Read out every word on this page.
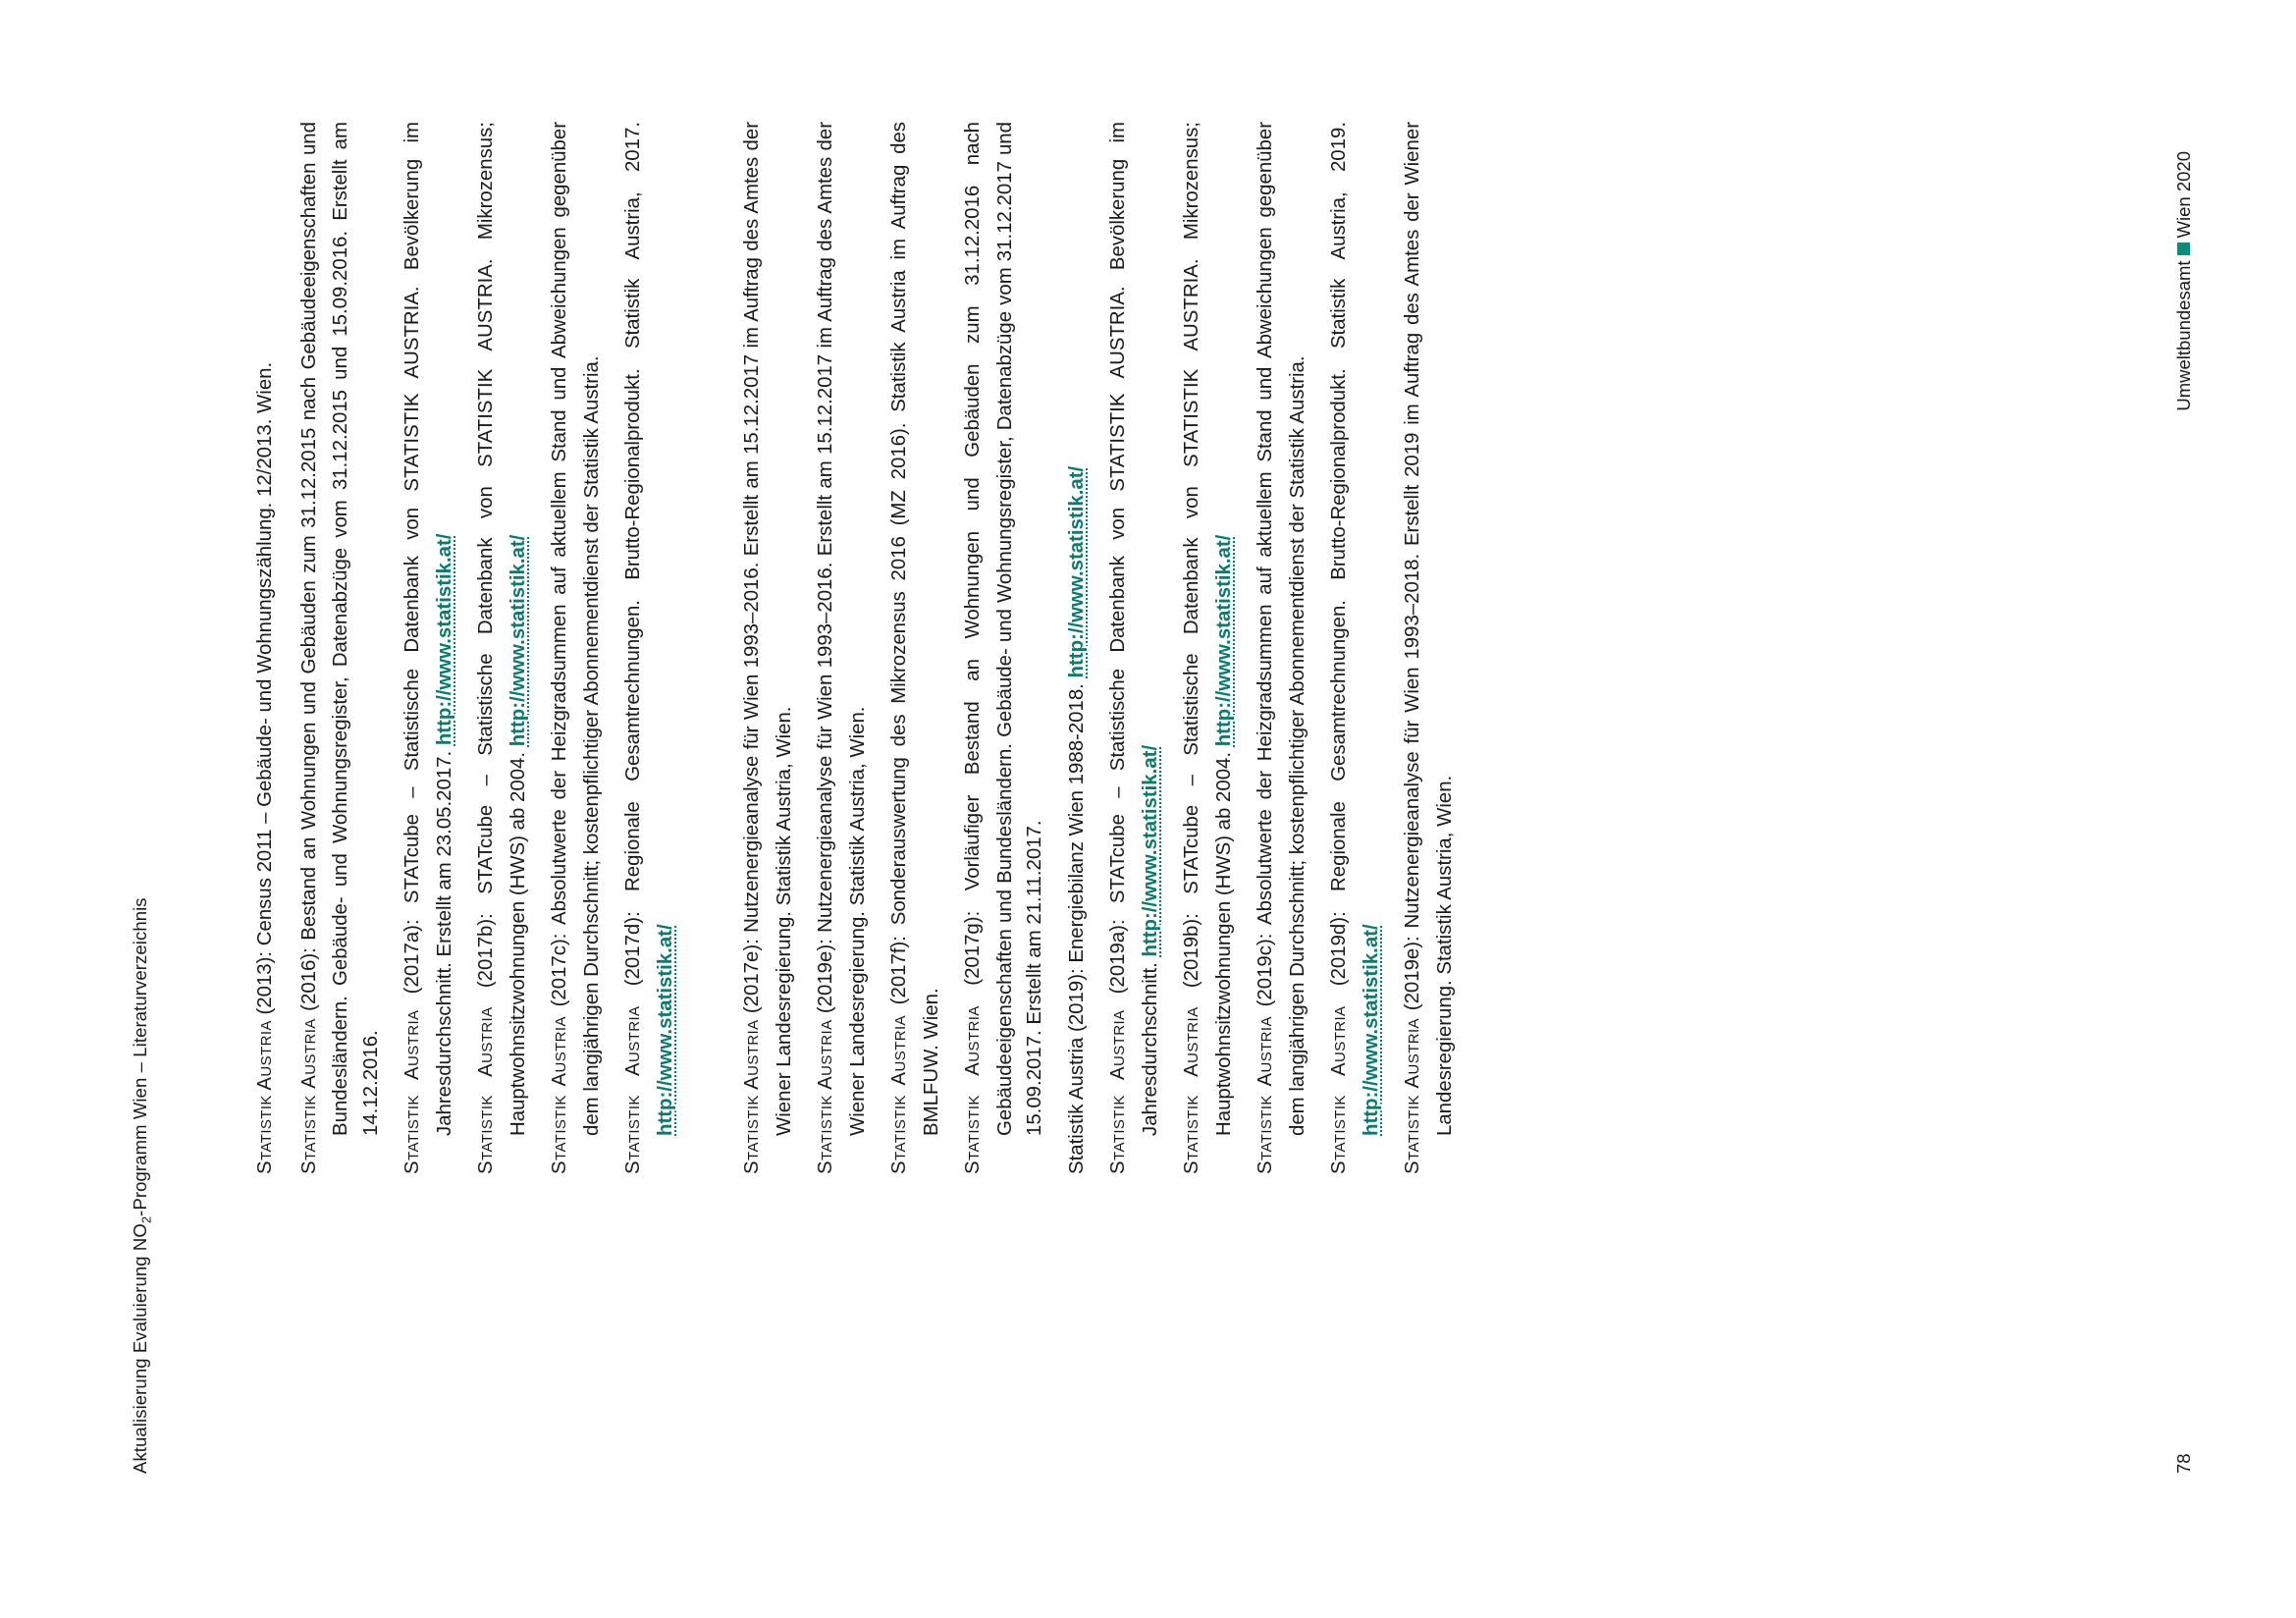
Aktualisierung Evaluierung $NO_2$-Programm Wien – Literaturverzeichnis	STATISTIK AUSTRIA (2013): Census 2011 – Gebäude- und Wohnungszählung. 12/2013. Wien.
STATISTIK AUSTRIA (2016): Bestand an Wohnungen und Gebäuden zum 31.12.2015 nach Gebäudeeigenschaften und Bundesländern. Gebäude- und Wohnungsregister, Datenabzüge vom 31.12.2015 und 15.09.2016. Erstellt am 14.12.2016.
STATISTIK AUSTRIA (2017a): STATcube – Statistische Datenbank von STATISTIK AUSTRIA. Bevölkerung im Jahresdurchschnitt. Erstellt am 23.05.2017. http://www.statistik.at/
STATISTIK AUSTRIA (2017b): STATcube – Statistische Datenbank von STATISTIK AUSTRIA. Mikrozensus; Hauptwohnsitzwohnungen (HWS) ab 2004. http://www.statistik.at/
STATISTIK AUSTRIA (2017c): Absolutwerte der Heizgradsummen auf aktuellem Stand und Abweichungen gegenüber dem langjährigen Durchschnitt; kostenpflichtiger Abonnementdienst der Statistik Austria.
STATISTIK AUSTRIA (2017d): Regionale Gesamtrechnungen. Brutto-Regionalprodukt. Statistik Austria, 2017. http://www.statistik.at/
STATISTIK AUSTRIA (2017e): Nutzenergieanalyse für Wien 1993–2016. Erstellt am 15.12.2017 im Auftrag des Amtes der Wiener Landesregierung. Statistik Austria, Wien.
STATISTIK AUSTRIA (2019e): Nutzenergieanalyse für Wien 1993–2016. Erstellt am 15.12.2017 im Auftrag des Amtes der Wiener Landesregierung. Statistik Austria, Wien.
STATISTIK AUSTRIA (2017f): Sonderauswertung des Mikrozensus 2016 (MZ 2016). Statistik Austria im Auftrag des BMLFUW. Wien.
STATISTIK AUSTRIA (2017g): Vorläufiger Bestand an Wohnungen und Gebäuden zum 31.12.2016 nach Gebäudeeigenschaften und Bundesländern. Gebäude- und Wohnungsregister, Datenabzüge vom 31.12.2017 und 15.09.2017. Erstellt am 21.11.2017. Statistik Austria (2019): Energiebilanz Wien 1988-2018. http://www.statistik.at/
STATISTIK AUSTRIA (2019a): STATcube – Statistische Datenbank von STATISTIK AUSTRIA. Bevölkerung im Jahresdurchschnitt. http://www.statistik.at/
STATISTIK AUSTRIA (2019b): STATcube – Statistische Datenbank von STATISTIK AUSTRIA. Mikrozensus; Hauptwohnsitzwohnungen (HWS) ab 2004. http://www.statistik.at/
STATISTIK AUSTRIA (2019c): Absolutwerte der Heizgradsummen auf aktuellem Stand und Abweichungen gegenüber dem langjährigen Durchschnitt; kostenpflichtiger Abonnementdienst der Statistik Austria.
STATISTIK AUSTRIA (2019d): Regionale Gesamtrechnungen. Brutto-Regionalprodukt. Statistik Austria, 2019. http://www.statistik.at/
STATISTIK AUSTRIA (2019e): Nutzenergieanalyse für Wien 1993–2018. Erstellt 2019 im Auftrag des Amtes der Wiener Landesregierung. Statistik Austria, Wien.
78
UmweltbundesamtWien 2020
